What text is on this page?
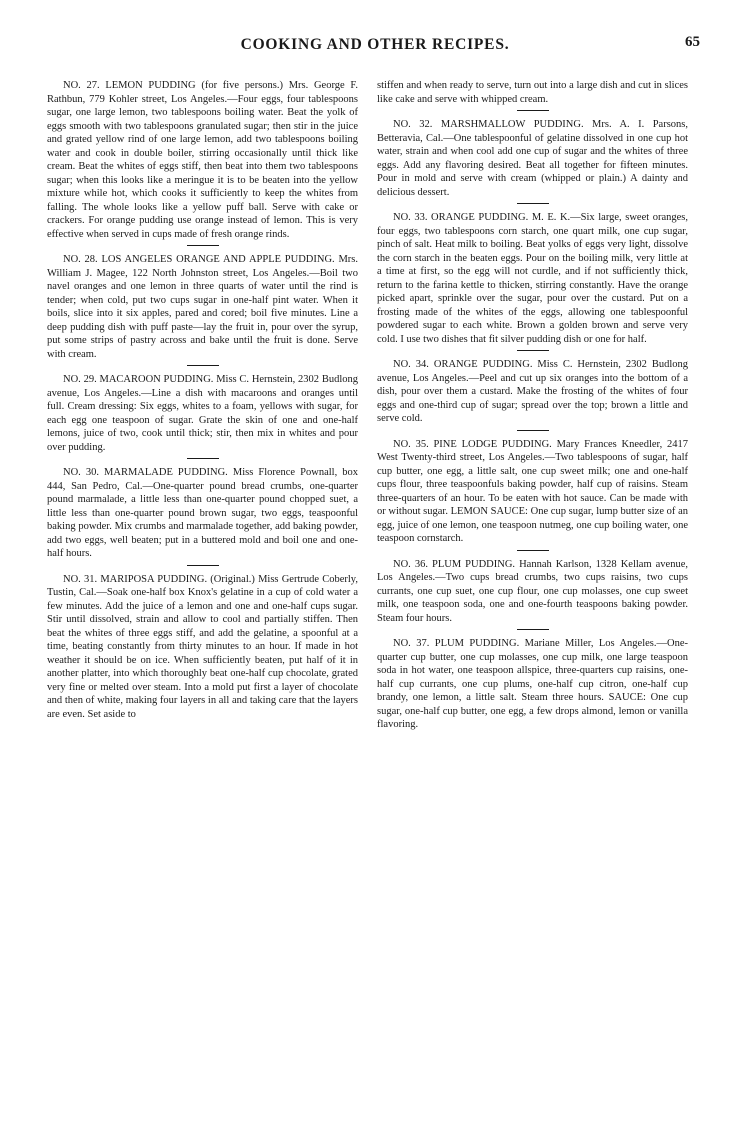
COOKING AND OTHER RECIPES.	65

NO. 27. LEMON PUDDING (for five persons.) Mrs. George F. Rathbun, 779 Kohler street, Los Angeles.—Four eggs, four tablespoons sugar, one large lemon, two tablespoons boiling water. Beat the yolk of eggs smooth with two tablespoons granulated sugar; then stir in the juice and grated yellow rind of one large lemon, add two tablespoons boiling water and cook in double boiler, stirring occasionally until thick like cream. Beat the whites of eggs stiff, then beat into them two tablespoons sugar; when this looks like a meringue it is to be beaten into the yellow mixture while hot, which cooks it sufficiently to keep the whites from falling. The whole looks like a yellow puff ball. Serve with cake or crackers. For orange pudding use orange instead of lemon. This is very effective when served in cups made of fresh orange rinds.

NO. 28. LOS ANGELES ORANGE AND APPLE PUDDING. Mrs. William J. Magee, 122 North Johnston street, Los Angeles.—Boil two navel oranges and one lemon in three quarts of water until the rind is tender; when cold, put two cups sugar in one-half pint water. When it boils, slice into it six apples, pared and cored; boil five minutes. Line a deep pudding dish with puff paste—lay the fruit in, pour over the syrup, put some strips of pastry across and bake until the fruit is done. Serve with cream.

NO. 29. MACAROON PUDDING. Miss C. Hernstein, 2302 Budlong avenue, Los Angeles.—Line a dish with macaroons and oranges until full. Cream dressing: Six eggs, whites to a foam, yellows with sugar, for each egg one teaspoon of sugar. Grate the skin of one and one-half lemons, juice of two, cook until thick; stir, then mix in whites and pour over pudding.

NO. 30. MARMALADE PUDDING. Miss Florence Pownall, box 444, San Pedro, Cal.—One-quarter pound bread crumbs, one-quarter pound marmalade, a little less than one-quarter pound chopped suet, a little less than one-quarter pound brown sugar, two eggs, teaspoonful baking powder. Mix crumbs and marmalade together, add baking powder, add two eggs, well beaten; put in a buttered mold and boil one and one-half hours.

NO. 31. MARIPOSA PUDDING. (Original.) Miss Gertrude Coberly, Tustin, Cal.—Soak one-half box Knox's gelatine in a cup of cold water a few minutes. Add the juice of a lemon and one and one-half cups sugar. Stir until dissolved, strain and allow to cool and partially stiffen. Then beat the whites of three eggs stiff, and add the gelatine, a spoonful at a time, beating constantly from thirty minutes to an hour. If made in hot weather it should be on ice. When sufficiently beaten, put half of it in another platter, into which thoroughly beat one-half cup chocolate, grated very fine or melted over steam. Into a mold put first a layer of chocolate and then of white, making four layers in all and taking care that the layers are even. Set aside to

stiffen and when ready to serve, turn out into a large dish and cut in slices like cake and serve with whipped cream.

NO. 32. MARSHMALLOW PUDDING. Mrs. A. I. Parsons, Betteravia, Cal.—One tablespoonful of gelatine dissolved in one cup hot water, strain and when cool add one cup of sugar and the whites of three eggs. Add any flavoring desired. Beat all together for fifteen minutes. Pour in mold and serve with cream (whipped or plain.) A dainty and delicious dessert.

NO. 33. ORANGE PUDDING. M. E. K.—Six large, sweet oranges, four eggs, two tablespoons corn starch, one quart milk, one cup sugar, pinch of salt. Heat milk to boiling. Beat yolks of eggs very light, dissolve the corn starch in the beaten eggs. Pour on the boiling milk, very little at a time at first, so the egg will not curdle, and if not sufficiently thick, return to the farina kettle to thicken, stirring constantly. Have the orange picked apart, sprinkle over the sugar, pour over the custard. Put on a frosting made of the whites of the eggs, allowing one tablespoonful powdered sugar to each white. Brown a golden brown and serve very cold. I use two dishes that fit silver pudding dish or one for half.

NO. 34. ORANGE PUDDING. Miss C. Hernstein, 2302 Budlong avenue, Los Angeles.—Peel and cut up six oranges into the bottom of a dish, pour over them a custard. Make the frosting of the whites of four eggs and one-third cup of sugar; spread over the top; brown a little and serve cold.

NO. 35. PINE LODGE PUDDING. Mary Frances Kneedler, 2417 West Twenty-third street, Los Angeles.—Two tablespoons of sugar, half cup butter, one egg, a little salt, one cup sweet milk; one and one-half cups flour, three teaspoonfuls baking powder, half cup of raisins. Steam three-quarters of an hour. To be eaten with hot sauce. Can be made with or without sugar. LEMON SAUCE: One cup sugar, lump butter size of an egg, juice of one lemon, one teaspoon nutmeg, one cup boiling water, one teaspoon cornstarch.

NO. 36. PLUM PUDDING. Hannah Karlson, 1328 Kellam avenue, Los Angeles.—Two cups bread crumbs, two cups raisins, two cups currants, one cup suet, one cup flour, one cup molasses, one cup sweet milk, one teaspoon soda, one and one-fourth teaspoons baking powder. Steam four hours.

NO. 37. PLUM PUDDING. Mariane Miller, Los Angeles.—One-quarter cup butter, one cup molasses, one cup milk, one large teaspoon soda in hot water, one teaspoon allspice, three-quarters cup raisins, one-half cup currants, one cup plums, one-half cup citron, one-half cup brandy, one lemon, a little salt. Steam three hours. SAUCE: One cup sugar, one-half cup butter, one egg, a few drops almond, lemon or vanilla flavoring.
